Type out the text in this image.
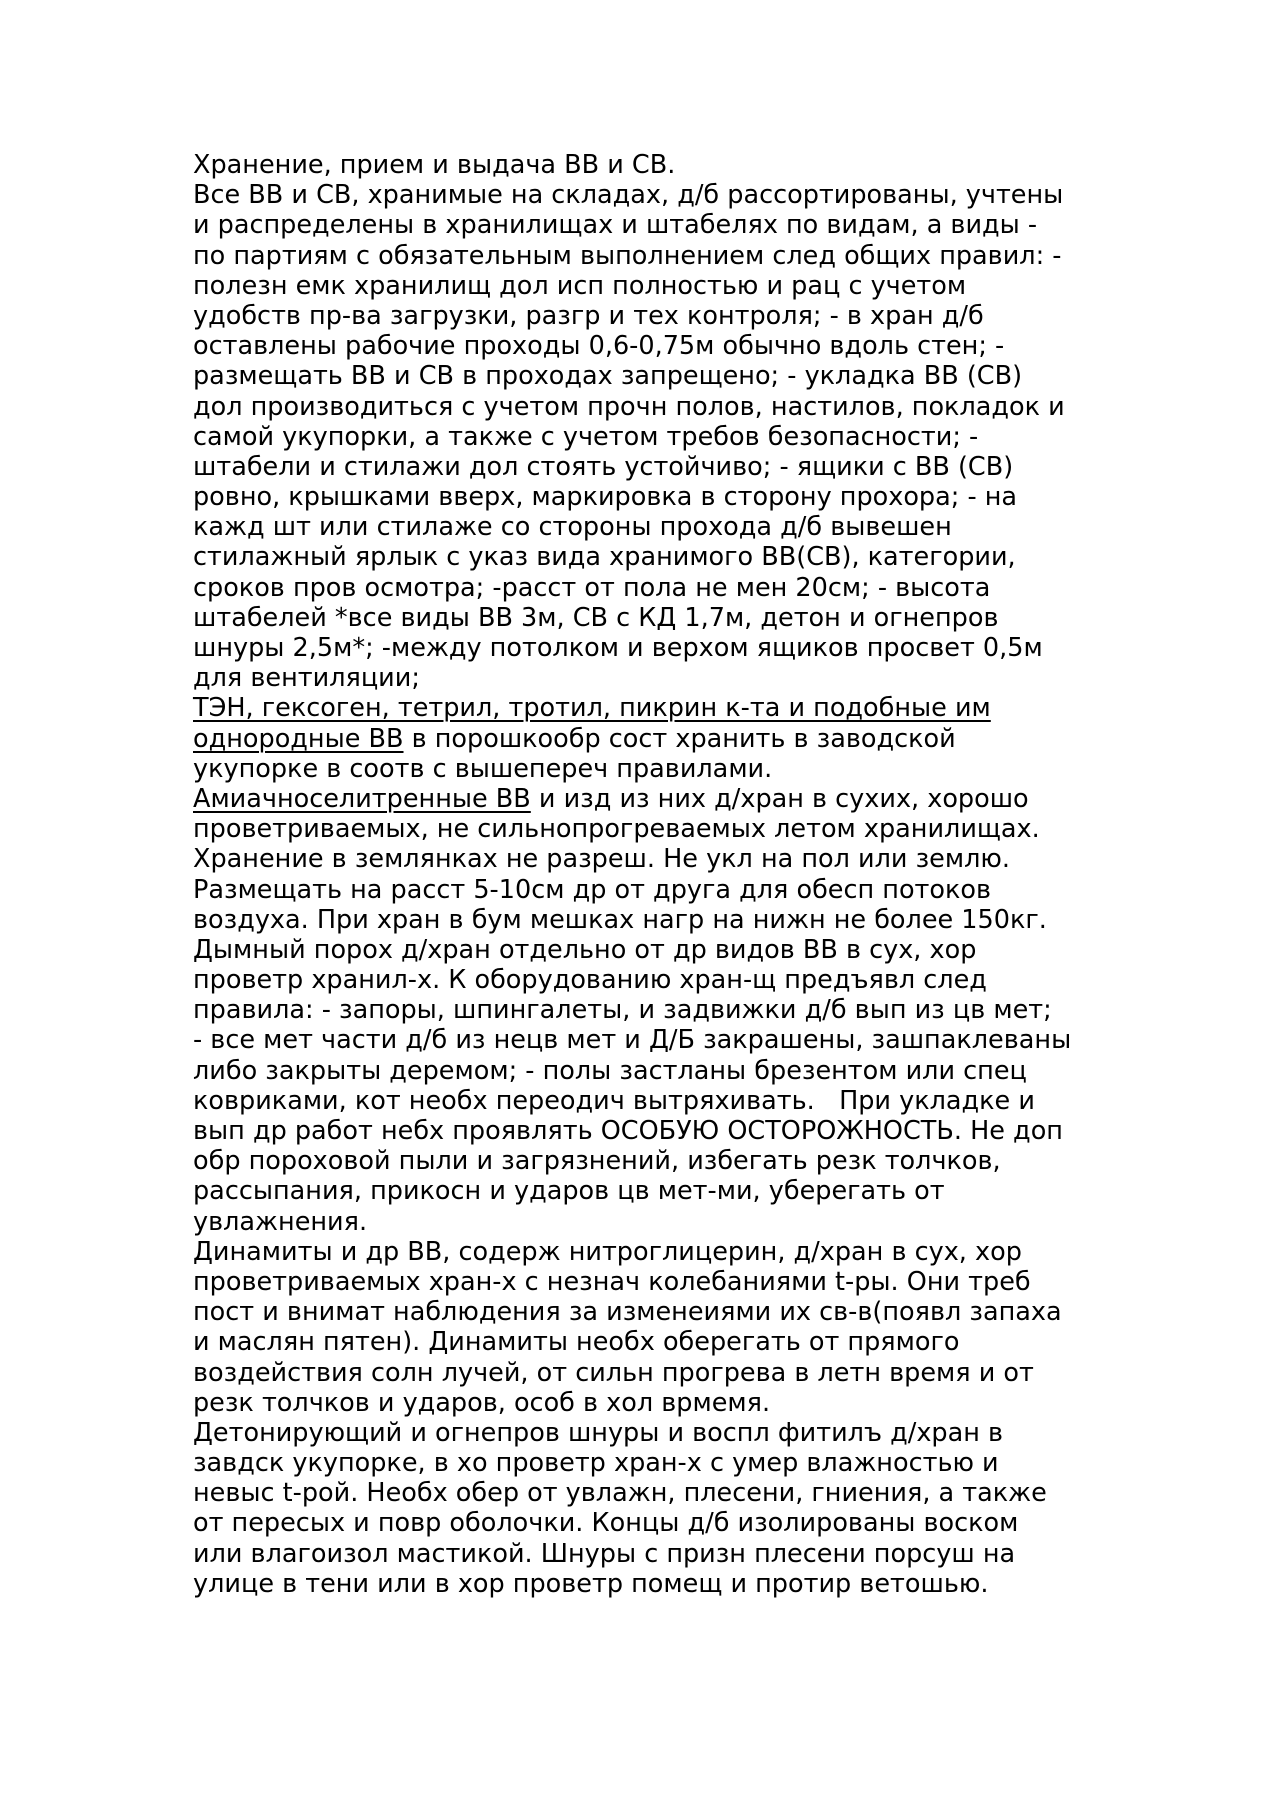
Хранение, прием и выдача ВВ и СВ.
Все ВВ и СВ, хранимые на складах, д/б рассортированы, учтены
и распределены в хранилищах и штабелях по видам, а виды -
по партиям с обязательным выполнением след общих правил: -
полезн емк хранилищ дол исп полностью и рац с учетом
удобств пр-ва загрузки, разгр и тех контроля; - в хран д/б
оставлены рабочие проходы 0,6-0,75м обычно вдоль стен; -
размещать ВВ и СВ в проходах запрещено; - укладка ВВ (СВ)
дол производиться с учетом прочн полов, настилов, покладок и
самой укупорки, а также с учетом требов безопасности; -
штабели и стилажи дол стоять устойчиво; - ящики с ВВ (СВ)
ровно, крышками вверх, маркировка в сторону прохора; - на
кажд шт или стилаже со стороны прохода д/б вывешен
стилажный ярлык с указ вида хранимого ВВ(СВ), категории,
сроков пров осмотра; -расст от пола не мен 20см; - высота
штабелей *все виды ВВ 3м, СВ с КД 1,7м, детон и огнепров
шнуры 2,5м*; -между потолком и верхом ящиков просвет 0,5м
для вентиляции;
ТЭН, гексоген, тетрил, тротил, пикрин к-та и подобные им
однородные ВВ в порошкообр сост хранить в заводской
укупорке в соотв с вышепереч правилами.
Амиачноселитренные ВВ и изд из них д/хран в сухих, хорошо
проветриваемых, не сильнопрогреваемых летом хранилищах.
Хранение в землянках не разреш. Не укл на пол или землю.
Размещать на расст 5-10см др от друга для обесп потоков
воздуха. При хран в бум мешках нагр на нижн не более 150кг.
Дымный порох д/хран отдельно от др видов ВВ в сух, хор
проветр хранил-х. К оборудованию хран-щ предъявл след
правила: - запоры, шпингалеты, и задвижки д/б вып из цв мет;
- все мет части д/б из нецв мет и Д/Б закрашены, зашпаклеваны
либо закрыты деремом; - полы застланы брезентом или спец
ковриками, кот необх переодич вытряхивать.   При укладке и
вып др работ небх проявлять ОСОБУЮ ОСТОРОЖНОСТЬ. Не доп
обр пороховой пыли и загрязнений, избегать резк толчков,
рассыпания, прикосн и ударов цв мет-ми, уберегать от
увлажнения.
Динамиты и др ВВ, содерж нитроглицерин, д/хран в сух, хор
проветриваемых хран-х с незнач колебаниями t-ры. Они треб
пост и внимат наблюдения за изменеиями их св-в(появл запаха
и маслян пятен). Динамиты необх оберегать от прямого
воздействия солн лучей, от сильн прогрева в летн время и от
резк толчков и ударов, особ в хол врмемя.
Детонирующий и огнепров шнуры и воспл фитилъ д/хран в
завдск укупорке, в хо проветр хран-х с умер влажностью и
невыс t-рой. Необх обер от увлажн, плесени, гниения, а также
от пересых и повр оболочки. Концы д/б изолированы воском
или влагоизол мастикой. Шнуры с призн плесени порсуш на
улице в тени или в хор проветр помещ и протир ветошью.
